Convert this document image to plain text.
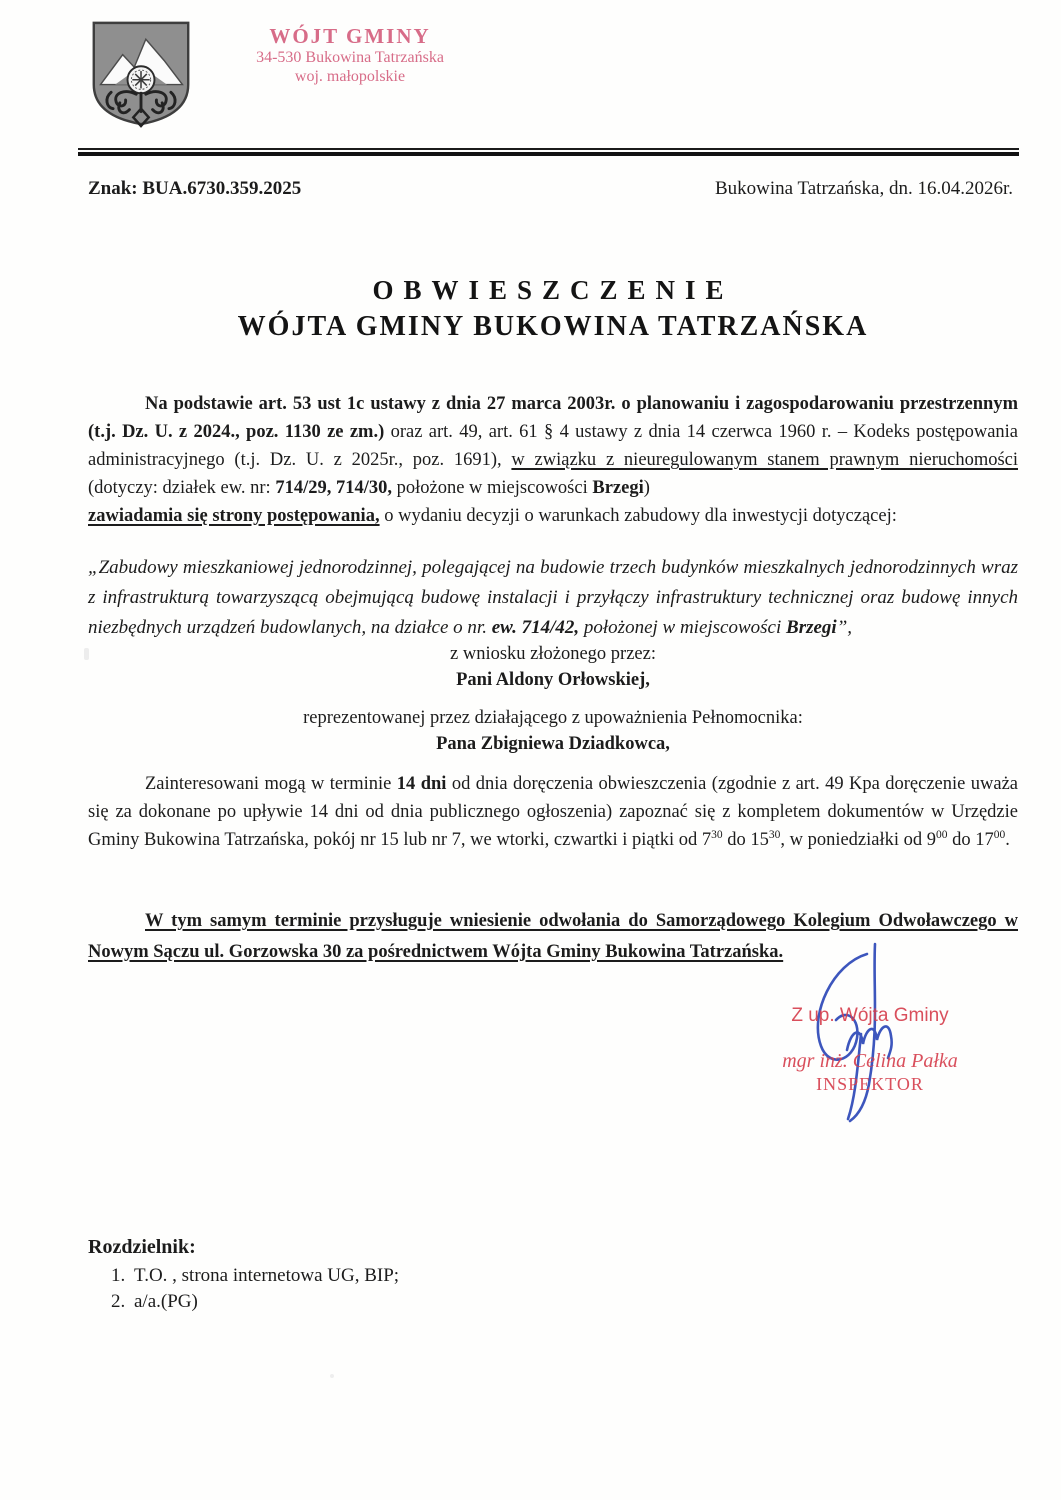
WÓJT GMINY
34-530 Bukowina Tatrzańska
woj. małopolskie
Znak: BUA.6730.359.2025	Bukowina Tatrzańska, dn. 16.04.2026r.
OBWIESZCZENIE
WÓJTA GMINY BUKOWINA TATRZAŃSKA
Na podstawie art. 53 ust 1c ustawy z dnia 27 marca 2003r. o planowaniu i zagospodarowaniu przestrzennym (t.j. Dz. U. z 2024., poz. 1130 ze zm.) oraz art. 49, art. 61 § 4 ustawy z dnia 14 czerwca 1960 r. – Kodeks postępowania administracyjnego (t.j. Dz. U. z 2025r., poz. 1691), w związku z nieuregulowanym stanem prawnym nieruchomości (dotyczy: działek ew. nr: 714/29, 714/30, położone w miejscowości Brzegi)
zawiadamia się strony postępowania, o wydaniu decyzji o warunkach zabudowy dla inwestycji dotyczącej:
„Zabudowy mieszkaniowej jednorodzinnej, polegającej na budowie trzech budynków mieszkalnych jednorodzinnych wraz z infrastrukturą towarzyszącą obejmującą budowę instalacji i przyłączy infrastruktury technicznej oraz budowę innych niezbędnych urządzeń budowlanych, na działce o nr. ew. 714/42, położonej w miejscowości Brzegi”,
z wniosku złożonego przez:
Pani Aldony Orłowskiej,
reprezentowanej przez działającego z upoważnienia Pełnomocnika:
Pana Zbigniewa Dziadkowca,
Zainteresowani mogą w terminie 14 dni od dnia doręczenia obwieszczenia (zgodnie z art. 49 Kpa doręczenie uważa się za dokonane po upływie 14 dni od dnia publicznego ogłoszenia) zapoznać się z kompletem dokumentów w Urzędzie Gminy Bukowina Tatrzańska, pokój nr 15 lub nr 7, we wtorki, czwartki i piątki od $7^{30}$ do $15^{30}$, w poniedziałki od $9^{00}$ do $17^{00}$.
W tym samym terminie przysługuje wniesienie odwołania do Samorządowego Kolegium Odwoławczego w Nowym Sączu ul. Gorzowska 30 za pośrednictwem Wójta Gminy Bukowina Tatrzańska.
Z up. Wójta Gminy
mgr inż. Celina Pałka
INSPEKTOR
Rozdzielnik:
1. T.O. , strona internetowa UG, BIP;
2. a/a.(PG)
